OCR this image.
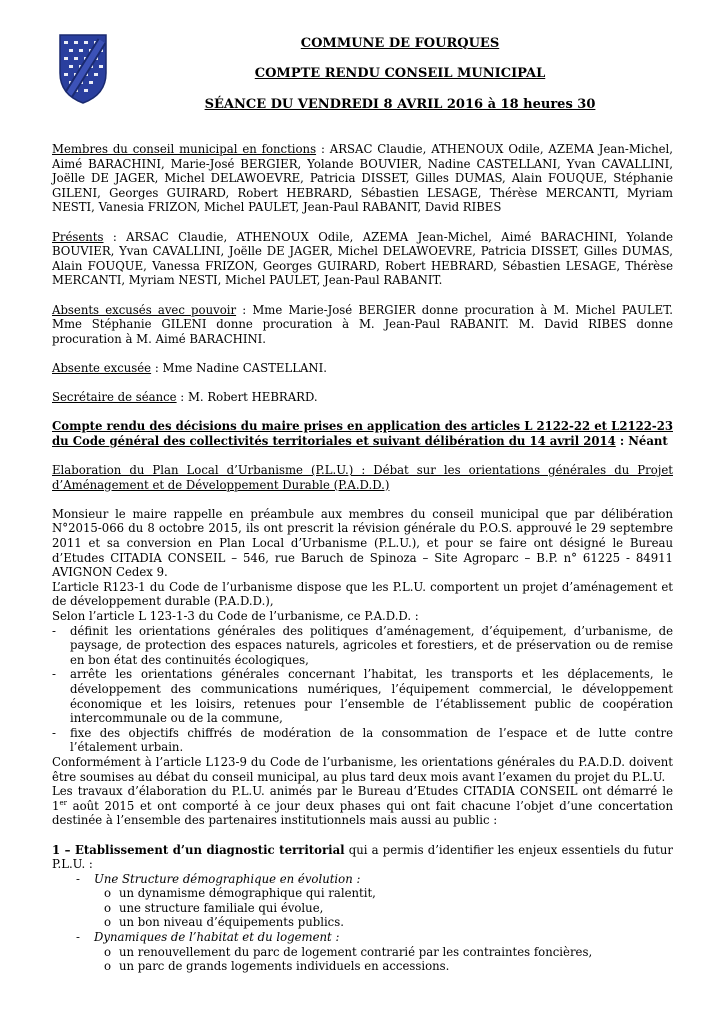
COMMUNE DE FOURQUES
COMPTE RENDU CONSEIL MUNICIPAL
SÉANCE DU VENDREDI 8 AVRIL 2016 à 18 heures 30

Membres du conseil municipal en fonctions : ARSAC Claudie, ATHENOUX Odile, AZEMA Jean-Michel, Aimé BARACHINI, Marie-José BERGIER, Yolande BOUVIER, Nadine CASTELLANI, Yvan CAVALLINI, Joëlle DE JAGER, Michel DELAWOEVRE, Patricia DISSET, Gilles DUMAS, Alain FOUQUE, Stéphanie GILENI, Georges GUIRARD, Robert HEBRARD, Sébastien LESAGE, Thérèse MERCANTI, Myriam NESTI, Vanesia FRIZON, Michel PAULET, Jean-Paul RABANIT, David RIBES

Présents : ARSAC Claudie, ATHENOUX Odile, AZEMA Jean-Michel, Aimé BARACHINI, Yolande BOUVIER, Yvan CAVALLINI, Joëlle DE JAGER, Michel DELAWOEVRE, Patricia DISSET, Gilles DUMAS, Alain FOUQUE, Vanessa FRIZON, Georges GUIRARD, Robert HEBRARD, Sébastien LESAGE, Thérèse MERCANTI, Myriam NESTI, Michel PAULET, Jean-Paul RABANIT.

Absents excusés avec pouvoir : Mme Marie-José BERGIER donne procuration à M. Michel PAULET. Mme Stéphanie GILENI donne procuration à M. Jean-Paul RABANIT. M. David RIBES donne procuration à M. Aimé BARACHINI.

Absente excusée : Mme Nadine CASTELLANI.

Secrétaire de séance : M. Robert HEBRARD.

Compte rendu des décisions du maire prises en application des articles L 2122-22 et L2122-23 du Code général des collectivités territoriales et suivant délibération du 14 avril 2014 : Néant

Elaboration du Plan Local d’Urbanisme (P.L.U.) : Débat sur les orientations générales du Projet d’Aménagement et de Développement Durable (P.A.D.D.)

Monsieur le maire rappelle en préambule aux membres du conseil municipal que par délibération N°2015-066 du 8 octobre 2015, ils ont prescrit la révision générale du P.O.S. approuvé le 29 septembre 2011 et sa conversion en Plan Local d’Urbanisme (P.L.U.), et pour se faire ont désigné le Bureau d’Etudes CITADIA CONSEIL – 546, rue Baruch de Spinoza – Site Agroparc – B.P. n° 61225 - 84911 AVIGNON Cedex 9.

L’article R123-1 du Code de l’urbanisme dispose que les P.L.U. comportent un projet d’aménagement et de développement durable (P.A.D.D.),

Selon l’article L 123-1-3 du Code de l’urbanisme, ce P.A.D.D. :

- définit les orientations générales des politiques d’aménagement, d’équipement, d’urbanisme, de paysage, de protection des espaces naturels, agricoles et forestiers, et de préservation ou de remise en bon état des continuités écologiques,
- arrête les orientations générales concernant l’habitat, les transports et les déplacements, le développement des communications numériques, l’équipement commercial, le développement économique et les loisirs, retenues pour l’ensemble de l’établissement public de coopération intercommunale ou de la commune,
- fixe des objectifs chiffrés de modération de la consommation de l’espace et de lutte contre l’étalement urbain.

Conformément à l’article L123-9 du Code de l’urbanisme, les orientations générales du P.A.D.D. doivent être soumises au débat du conseil municipal, au plus tard deux mois avant l’examen du projet du P.L.U.

Les travaux d’élaboration du P.L.U. animés par le Bureau d’Etudes CITADIA CONSEIL ont démarré le 1er août 2015 et ont comporté à ce jour deux phases qui ont fait chacune l’objet d’une concertation destinée à l’ensemble des partenaires institutionnels mais aussi au public :

1 – Etablissement d’un diagnostic territorial qui a permis d’identifier les enjeux essentiels du futur P.L.U. :

- Une Structure démographique en évolution :
o un dynamisme démographique qui ralentit,
o une structure familiale qui évolue,
o un bon niveau d’équipements publics.
- Dynamiques de l’habitat et du logement :
o un renouvellement du parc de logement contrarié par les contraintes foncières,
o un parc de grands logements individuels en accessions.
